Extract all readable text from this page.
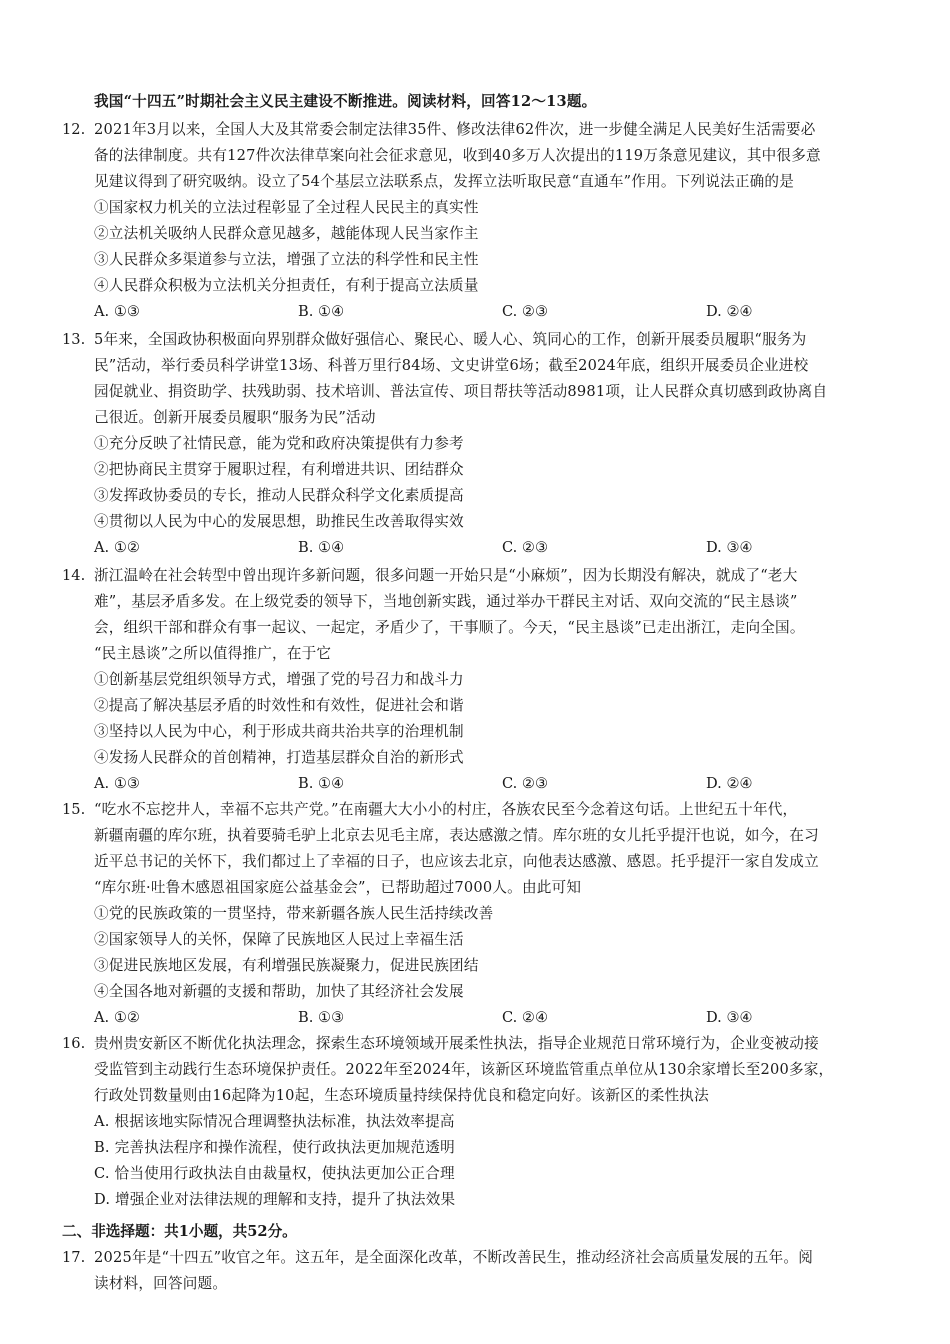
我国“十四五”时期社会主义民主建设不断推进。阅读材料，回答12～13题。
12. 2021年3月以来，全国人大及其常委会制定法律35件、修改法律62件次，进一步健全满足人民美好生活需要必
备的法律制度。共有127件次法律草案向社会征求意见，收到40多万人次提出的119万条意见建议，其中很多意
见建议得到了研究吸纳。设立了54个基层立法联系点，发挥立法听取民意“直通车”作用。下列说法正确的是
①国家权力机关的立法过程彰显了全过程人民民主的真实性
②立法机关吸纳人民群众意见越多，越能体现人民当家作主
③人民群众多渠道参与立法，增强了立法的科学性和民主性
④人民群众积极为立法机关分担责任，有利于提高立法质量
A. ①③	B. ①④	C. ②③	D. ②④
13. 5年来，全国政协积极面向界别群众做好强信心、聚民心、暖人心、筑同心的工作，创新开展委员履职“服务为
民”活动，举行委员科学讲堂13场、科普万里行84场、文史讲堂6场；截至2024年底，组织开展委员企业进校
园促就业、捐资助学、扶残助弱、技术培训、普法宣传、项目帮扶等活动8981项，让人民群众真切感到政协离自
己很近。创新开展委员履职“服务为民”活动
①充分反映了社情民意，能为党和政府决策提供有力参考
②把协商民主贯穿于履职过程，有利增进共识、团结群众
③发挥政协委员的专长，推动人民群众科学文化素质提高
④贯彻以人民为中心的发展思想，助推民生改善取得实效
A. ①②	B. ①④	C. ②③	D. ③④
14. 浙江温岭在社会转型中曾出现许多新问题，很多问题一开始只是“小麻烦”，因为长期没有解决，就成了“老大
难”，基层矛盾多发。在上级党委的领导下，当地创新实践，通过举办干群民主对话、双向交流的“民主恳谈”
会，组织干部和群众有事一起议、一起定，矛盾少了，干事顺了。今天，“民主恳谈”已走出浙江，走向全国。
“民主恳谈”之所以值得推广，在于它
①创新基层党组织领导方式，增强了党的号召力和战斗力
②提高了解决基层矛盾的时效性和有效性，促进社会和谐
③坚持以人民为中心，利于形成共商共治共享的治理机制
④发扬人民群众的首创精神，打造基层群众自治的新形式
A. ①③	B. ①④	C. ②③	D. ②④
15. “吃水不忘挖井人，幸福不忘共产党。”在南疆大大小小的村庄，各族农民至今念着这句话。上世纪五十年代，
新疆南疆的库尔班，执着要骑毛驴上北京去见毛主席，表达感激之情。库尔班的女儿托乎提汗也说，如今，在习
近平总书记的关怀下，我们都过上了幸福的日子，也应该去北京，向他表达感激、感恩。托乎提汗一家自发成立
“库尔班·吐鲁木感恩祖国家庭公益基金会”，已帮助超过7000人。由此可知
①党的民族政策的一贯坚持，带来新疆各族人民生活持续改善
②国家领导人的关怀，保障了民族地区人民过上幸福生活
③促进民族地区发展，有利增强民族凝聚力，促进民族团结
④全国各地对新疆的支援和帮助，加快了其经济社会发展
A. ①②	B. ①③	C. ②④	D. ③④
16. 贵州贵安新区不断优化执法理念，探索生态环境领域开展柔性执法，指导企业规范日常环境行为，企业变被动接
受监管到主动践行生态环境保护责任。2022年至2024年，该新区环境监管重点单位从130余家增长至200多家，
行政处罚数量则由16起降为10起，生态环境质量持续保持优良和稳定向好。该新区的柔性执法
A. 根据该地实际情况合理调整执法标准，执法效率提高
B. 完善执法程序和操作流程，使行政执法更加规范透明
C. 恰当使用行政执法自由裁量权，使执法更加公正合理
D. 增强企业对法律法规的理解和支持，提升了执法效果
二、非选择题：共1小题，共52分。
17. 2025年是“十四五”收官之年。这五年，是全面深化改革，不断改善民生，推动经济社会高质量发展的五年。阅
读材料，回答问题。
